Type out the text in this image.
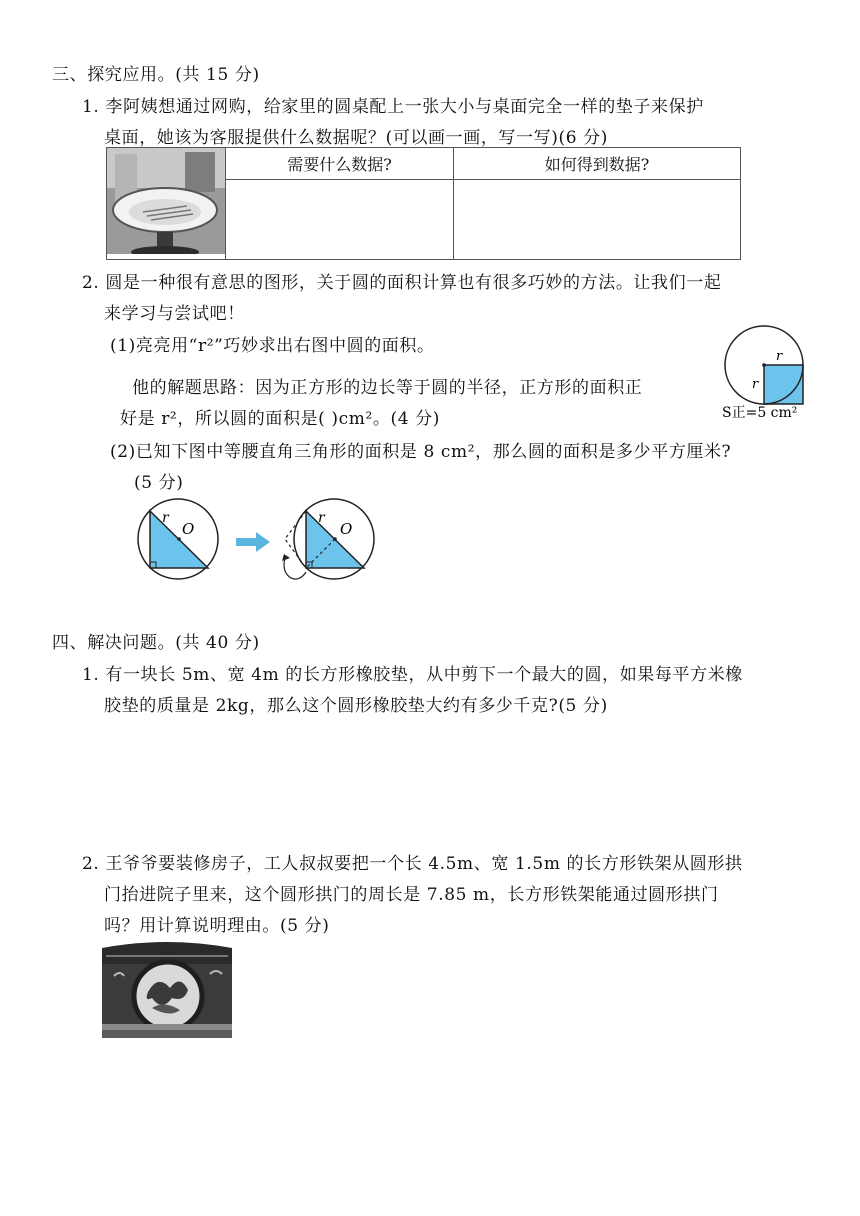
三、探究应用。(共 15 分)
1. 李阿姨想通过网购，给家里的圆桌配上一张大小与桌面完全一样的垫子来保护
桌面，她该为客服提供什么数据呢？(可以画一画，写一写)(6 分)
	需要什么数据?	如何得到数据?

2. 圆是一种很有意思的图形，关于圆的面积计算也有很多巧妙的方法。让我们一起
来学习与尝试吧！
(1)亮亮用“r²”巧妙求出右图中圆的面积。
他的解题思路：因为正方形的边长等于圆的半径，正方形的面积正
好是 r²，所以圆的面积是( )cm²。(4 分)
r
r
S正=5 cm²
(2)已知下图中等腰直角三角形的面积是 8 cm²，那么圆的面积是多少平方厘米?
(5 分)
r
O
r
O
四、解决问题。(共 40 分)
1. 有一块长 5m、宽 4m 的长方形橡胶垫，从中剪下一个最大的圆，如果每平方米橡
胶垫的质量是 2kg，那么这个圆形橡胶垫大约有多少千克?(5 分)
2. 王爷爷要装修房子，工人叔叔要把一个长 4.5m、宽 1.5m 的长方形铁架从圆形拱
门抬进院子里来，这个圆形拱门的周长是 7.85 m，长方形铁架能通过圆形拱门
吗？用计算说明理由。(5 分)
